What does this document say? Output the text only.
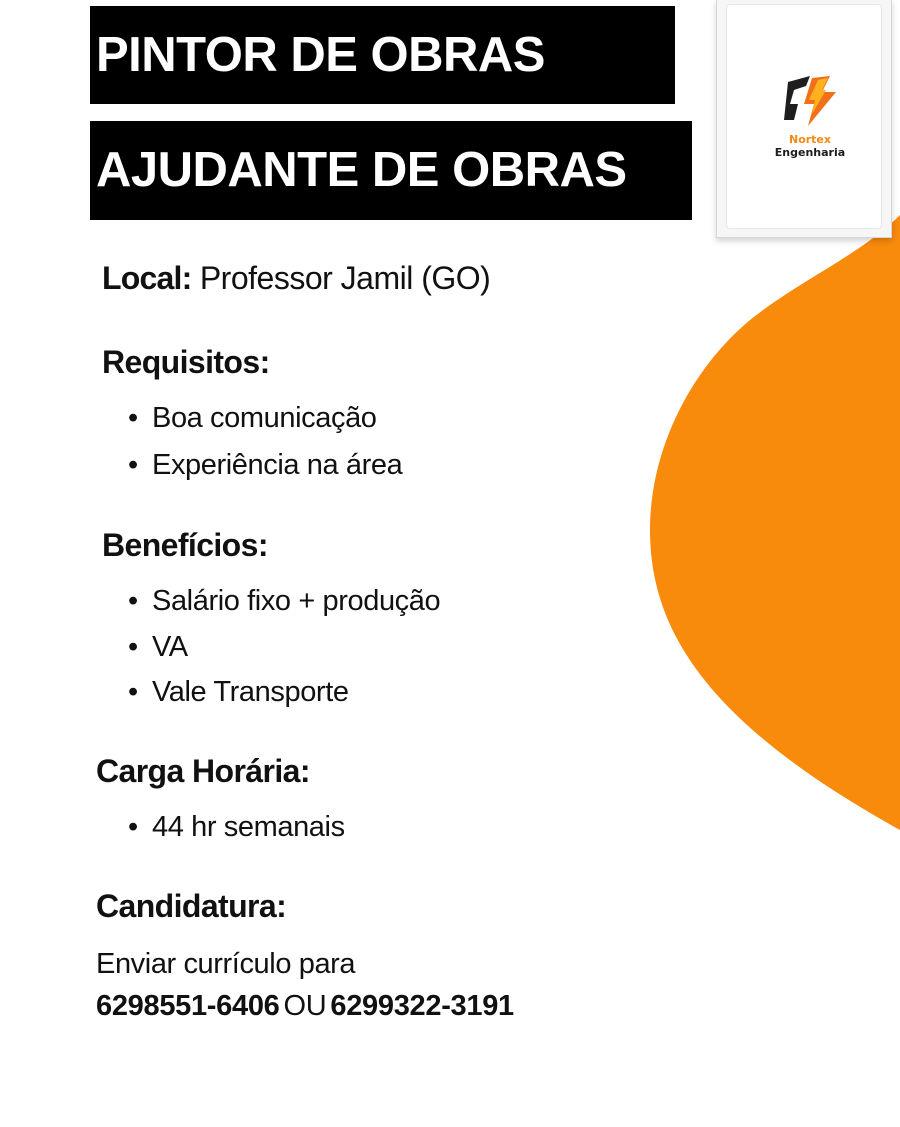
PINTOR DE OBRAS
AJUDANTE DE OBRAS
Nortex
Engenharia
Local: Professor Jamil (GO)
Requisitos:
• Boa comunicação
• Experiência na área
Benefícios:
• Salário fixo + produção
• VA
• Vale Transporte
Carga Horária:
• 44 hr semanais
Candidatura:
Enviar currículo para
6298551-6406 OU 6299322-3191
